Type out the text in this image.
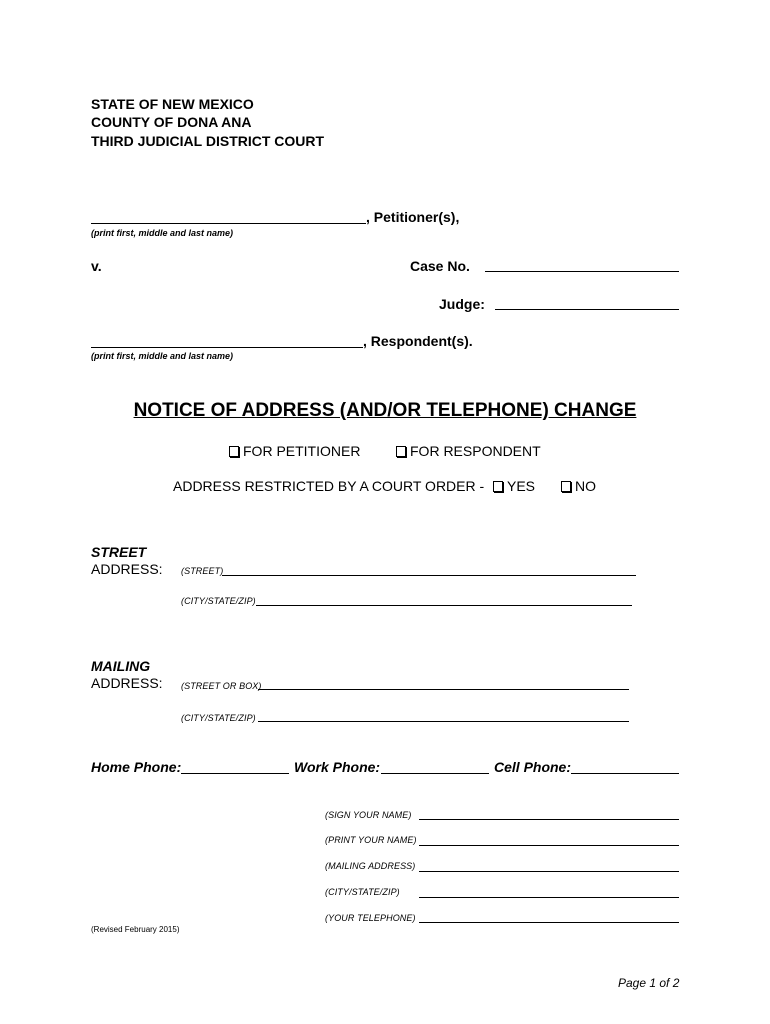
STATE OF NEW MEXICO
COUNTY OF DONA ANA
THIRD JUDICIAL DISTRICT COURT
, Petitioner(s),
(print first, middle and last name)
v.	Case No.
Judge:
, Respondent(s).
(print first, middle and last name)
NOTICE OF ADDRESS (AND/OR TELEPHONE) CHANGE
FOR PETITIONER	FOR RESPONDENT
ADDRESS RESTRICTED BY A COURT ORDER -	YES	NO
STREET
ADDRESS: (STREET)
(CITY/STATE/ZIP)
MAILING
ADDRESS: (STREET OR BOX)
(CITY/STATE/ZIP)
Home Phone:	Work Phone:	Cell Phone:
(SIGN YOUR NAME)
(PRINT YOUR NAME)
(MAILING ADDRESS)
(CITY/STATE/ZIP)
(YOUR TELEPHONE)
(Revised February 2015)
Page 1 of 2
